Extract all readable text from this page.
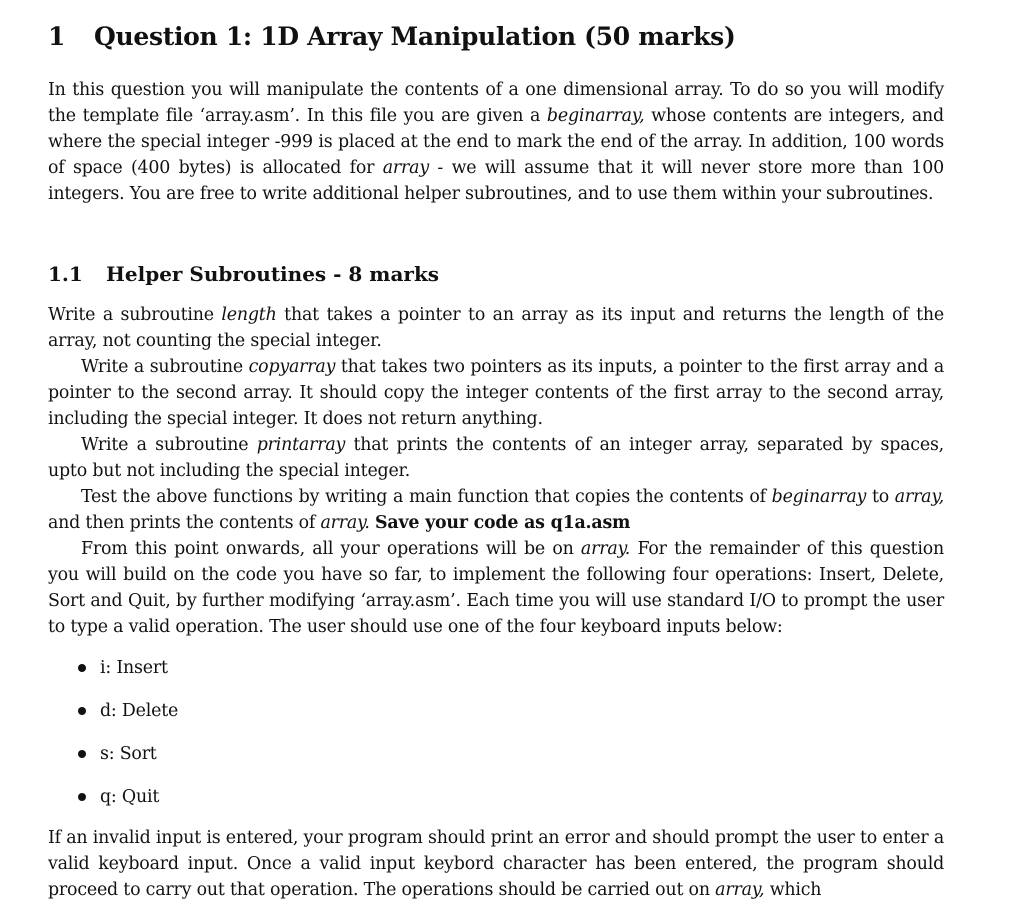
1 Question 1: 1D Array Manipulation (50 marks)

In this question you will manipulate the contents of a one dimensional array. To do so you will modify the template file ‘array.asm’. In this file you are given a beginarray, whose contents are integers, and where the special integer -999 is placed at the end to mark the end of the array. In addition, 100 words of space (400 bytes) is allocated for array - we will assume that it will never store more than 100 integers. You are free to write additional helper subroutines, and to use them within your subroutines.

1.1 Helper Subroutines - 8 marks

Write a subroutine length that takes a pointer to an array as its input and returns the length of the array, not counting the special integer.

Write a subroutine copyarray that takes two pointers as its inputs, a pointer to the first array and a pointer to the second array. It should copy the integer contents of the first array to the second array, including the special integer. It does not return anything.

Write a subroutine printarray that prints the contents of an integer array, separated by spaces, upto but not including the special integer.

Test the above functions by writing a main function that copies the contents of beginarray to array, and then prints the contents of array. Save your code as q1a.asm

From this point onwards, all your operations will be on array. For the remainder of this question you will build on the code you have so far, to implement the following four operations: Insert, Delete, Sort and Quit, by further modifying ‘array.asm’. Each time you will use standard I/O to prompt the user to type a valid operation. The user should use one of the four keyboard inputs below:

i: Insert
d: Delete
s: Sort
q: Quit

If an invalid input is entered, your program should print an error and should prompt the user to enter a valid keyboard input. Once a valid input keybord character has been entered, the program should proceed to carry out that operation. The operations should be carried out on array, which
